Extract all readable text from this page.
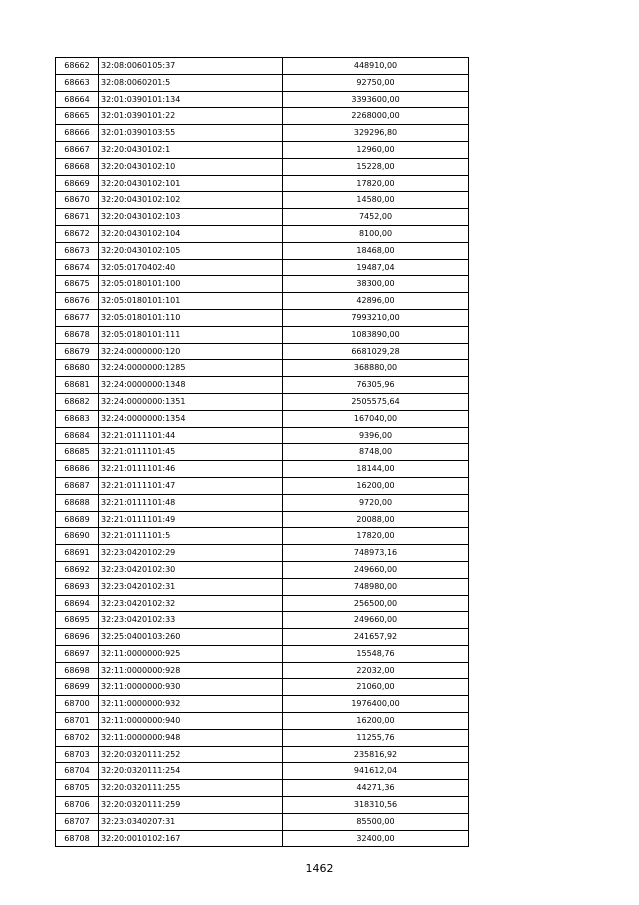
68662	32:08:0060105:37	448910,00
68663	32:08:0060201:5	92750,00
68664	32:01:0390101:134	3393600,00
68665	32:01:0390101:22	2268000,00
68666	32:01:0390103:55	329296,80
68667	32:20:0430102:1	12960,00
68668	32:20:0430102:10	15228,00
68669	32:20:0430102:101	17820,00
68670	32:20:0430102:102	14580,00
68671	32:20:0430102:103	7452,00
68672	32:20:0430102:104	8100,00
68673	32:20:0430102:105	18468,00
68674	32:05:0170402:40	19487,04
68675	32:05:0180101:100	38300,00
68676	32:05:0180101:101	42896,00
68677	32:05:0180101:110	7993210,00
68678	32:05:0180101:111	1083890,00
68679	32:24:0000000:120	6681029,28
68680	32:24:0000000:1285	368880,00
68681	32:24:0000000:1348	76305,96
68682	32:24:0000000:1351	2505575,64
68683	32:24:0000000:1354	167040,00
68684	32:21:0111101:44	9396,00
68685	32:21:0111101:45	8748,00
68686	32:21:0111101:46	18144,00
68687	32:21:0111101:47	16200,00
68688	32:21:0111101:48	9720,00
68689	32:21:0111101:49	20088,00
68690	32:21:0111101:5	17820,00
68691	32:23:0420102:29	748973,16
68692	32:23:0420102:30	249660,00
68693	32:23:0420102:31	748980,00
68694	32:23:0420102:32	256500,00
68695	32:23:0420102:33	249660,00
68696	32:25:0400103:260	241657,92
68697	32:11:0000000:925	15548,76
68698	32:11:0000000:928	22032,00
68699	32:11:0000000:930	21060,00
68700	32:11:0000000:932	1976400,00
68701	32:11:0000000:940	16200,00
68702	32:11:0000000:948	11255,76
68703	32:20:0320111:252	235816,92
68704	32:20:0320111:254	941612,04
68705	32:20:0320111:255	44271,36
68706	32:20:0320111:259	318310,56
68707	32:23:0340207:31	85500,00
68708	32:20:0010102:167	32400,00
1462
